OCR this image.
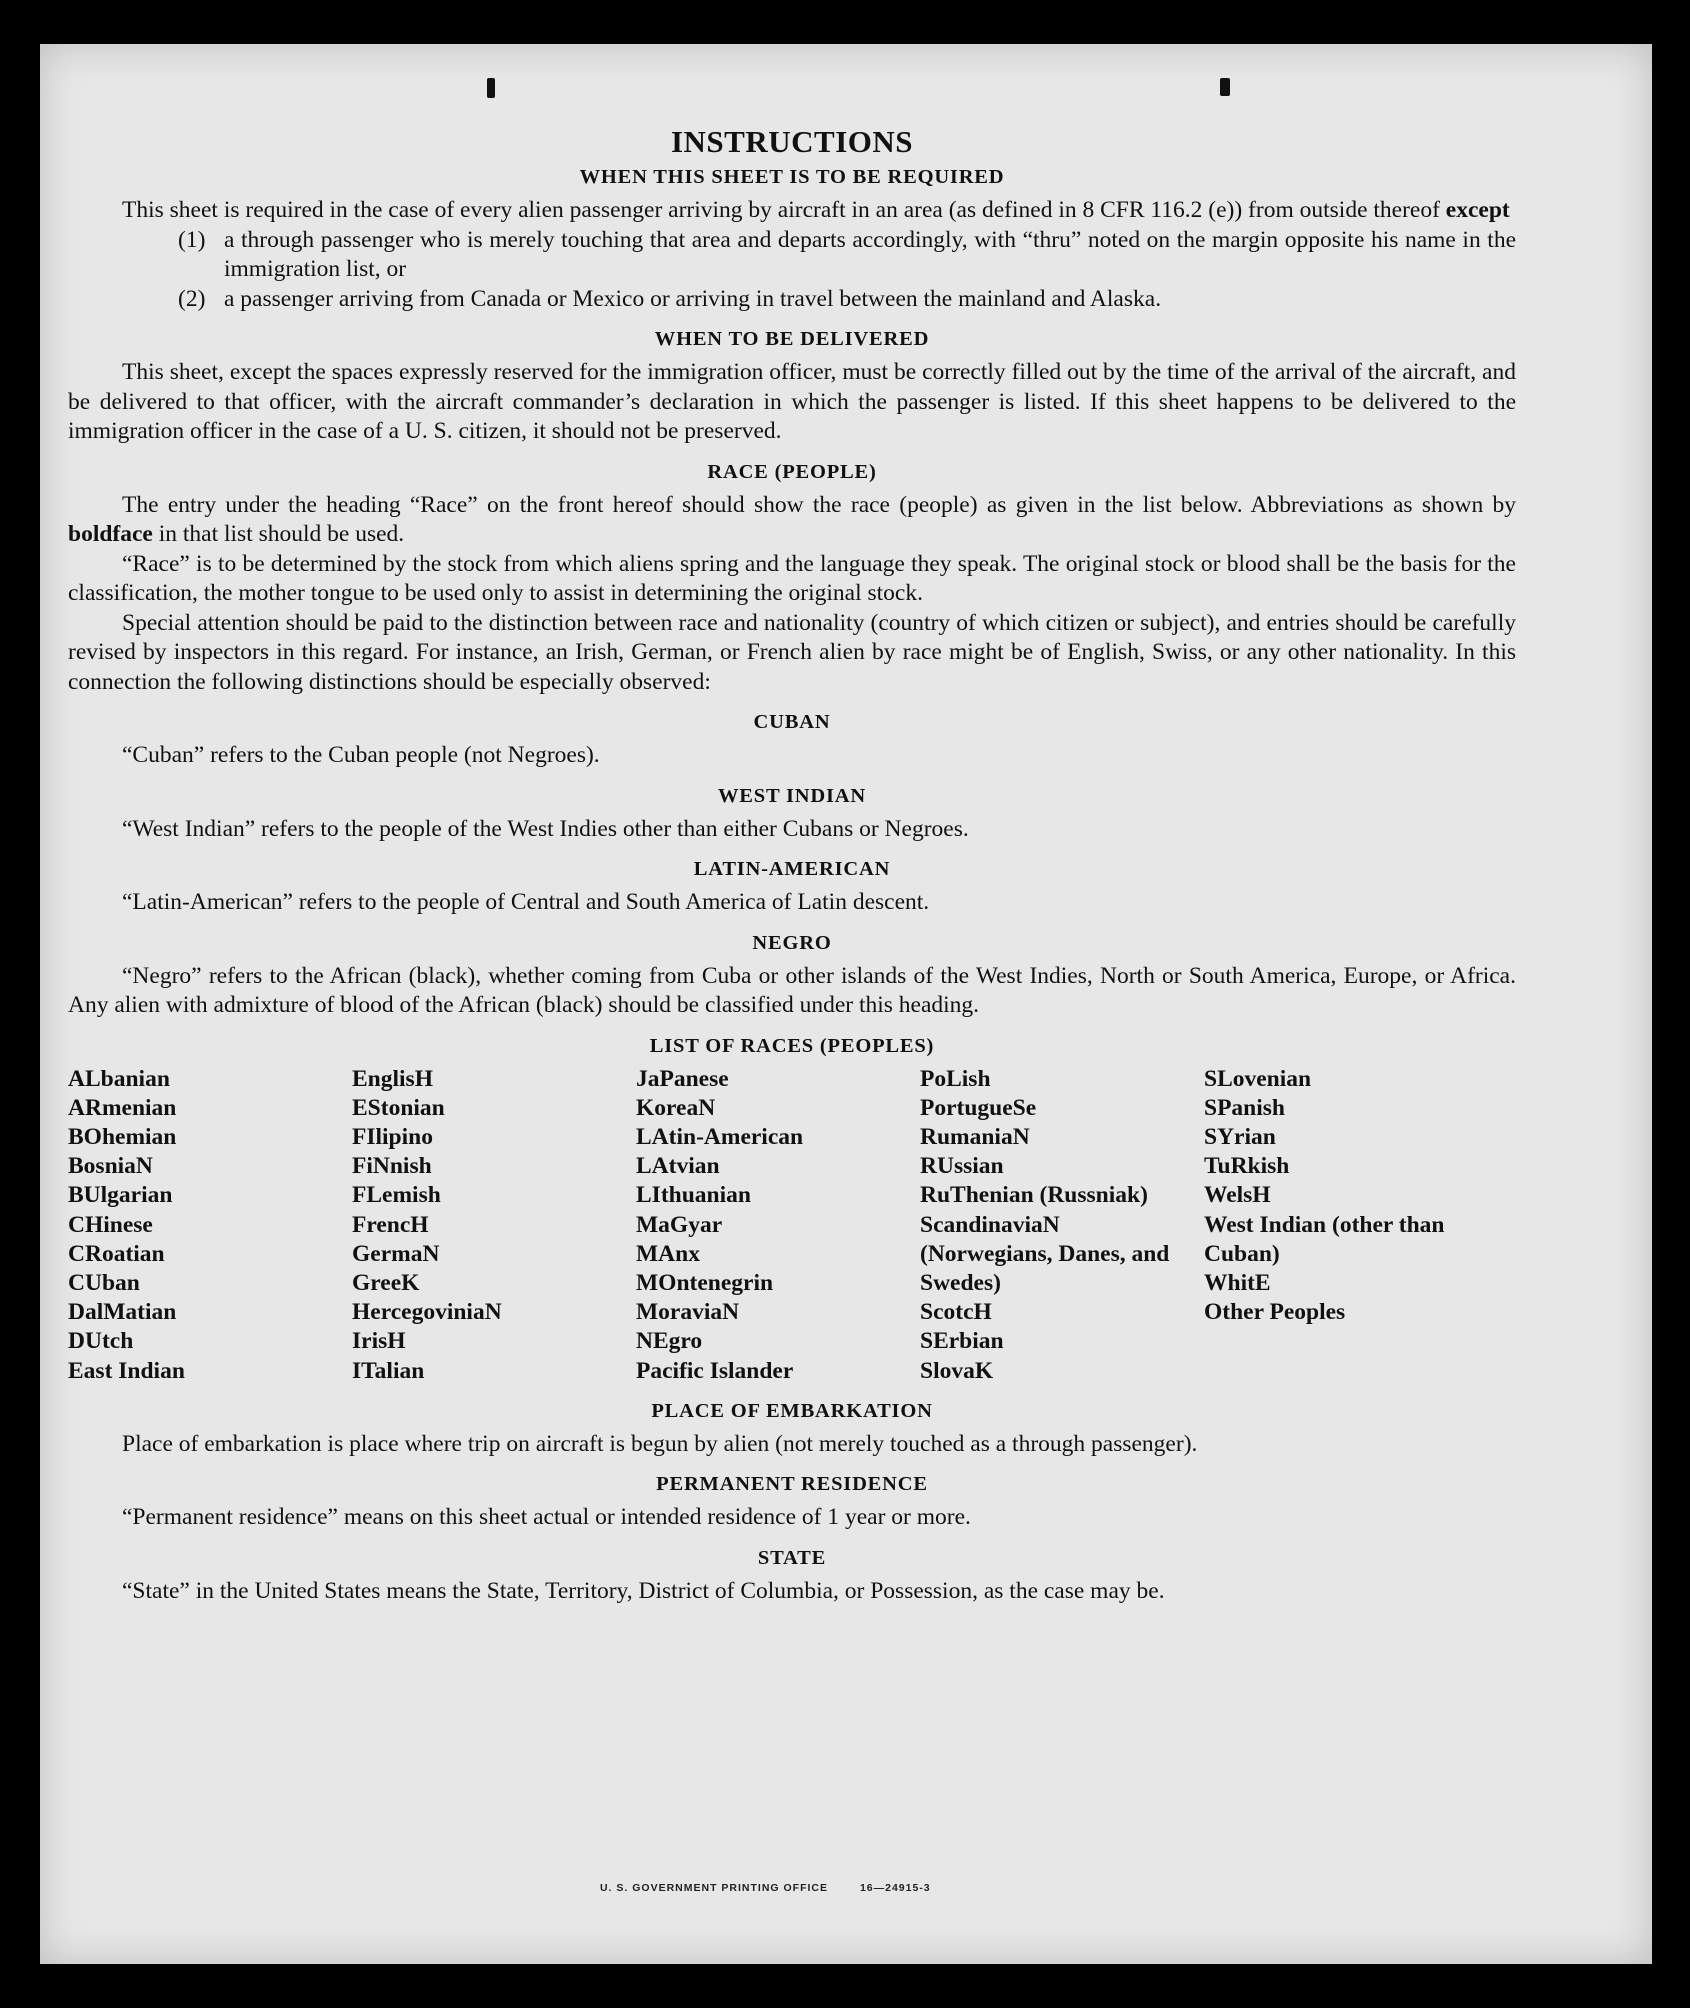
INSTRUCTIONS
WHEN THIS SHEET IS TO BE REQUIRED

This sheet is required in the case of every alien passenger arriving by aircraft in an area (as defined in 8 CFR 116.2 (e)) from outside thereof except

(1) a through passenger who is merely touching that area and departs accordingly, with “thru” noted on the margin opposite his name in the immigration list, or
(2) a passenger arriving from Canada or Mexico or arriving in travel between the mainland and Alaska.
WHEN TO BE DELIVERED

This sheet, except the spaces expressly reserved for the immigration officer, must be correctly filled out by the time of the arrival of the aircraft, and be delivered to that officer, with the aircraft commander’s declaration in which the passenger is listed. If this sheet happens to be delivered to the immigration officer in the case of a U. S. citizen, it should not be preserved.

RACE (PEOPLE)

The entry under the heading “Race” on the front hereof should show the race (people) as given in the list below. Abbreviations as shown by boldface in that list should be used.

“Race” is to be determined by the stock from which aliens spring and the language they speak. The original stock or blood shall be the basis for the classification, the mother tongue to be used only to assist in determining the original stock.

Special attention should be paid to the distinction between race and nationality (country of which citizen or subject), and entries should be carefully revised by inspectors in this regard. For instance, an Irish, German, or French alien by race might be of English, Swiss, or any other nationality. In this connection the following distinctions should be especially observed:

CUBAN

“Cuban” refers to the Cuban people (not Negroes).

WEST INDIAN

“West Indian” refers to the people of the West Indies other than either Cubans or Negroes.

LATIN-AMERICAN

“Latin-American” refers to the people of Central and South America of Latin descent.

NEGRO

“Negro” refers to the African (black), whether coming from Cuba or other islands of the West Indies, North or South America, Europe, or Africa. Any alien with admixture of blood of the African (black) should be classified under this heading.

LIST OF RACES (PEOPLES)
ALbanian
ARmenian
BOhemian
BosniaN
BUlgarian
CHinese
CRoatian
CUban
DalMatian
DUtch
East Indian
EnglisH
EStonian
FIlipino
FiNnish
FLemish
FrencH
GermaN
GreeK
HercegoviniaN
IrisH
ITalian
JaPanese
KoreaN
LAtin-American
LAtvian
LIthuanian
MaGyar
MAnx
MOntenegrin
MoraviaN
NEgro
Pacific Islander
PoLish
PortugueSe
RumaniaN
RUssian
RuThenian (Russniak)
ScandinaviaN (Norwegians, Danes, and Swedes)
ScotcH
SErbian
SlovaK
SLovenian
SPanish
SYrian
TuRkish
WelsH
West Indian (other than Cuban)
WhitE
Other Peoples
PLACE OF EMBARKATION

Place of embarkation is place where trip on aircraft is begun by alien (not merely touched as a through passenger).

PERMANENT RESIDENCE

“Permanent residence” means on this sheet actual or intended residence of 1 year or more.

STATE

“State” in the United States means the State, Territory, District of Columbia, or Possession, as the case may be.

U. S. GOVERNMENT PRINTING OFFICE	16—24915-3
